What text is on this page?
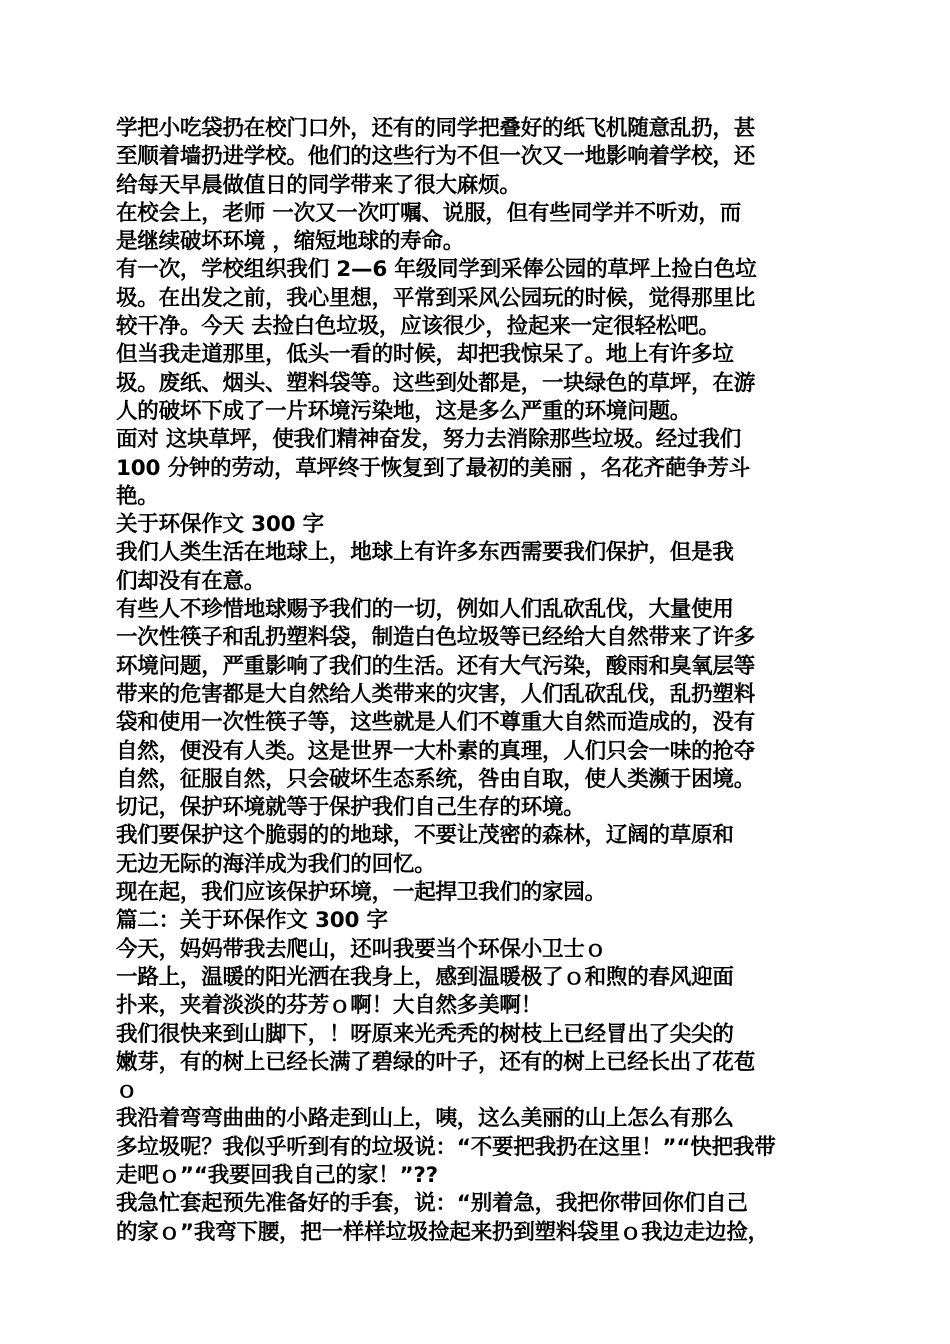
学把小吃袋扔在校门口外，还有的同学把叠好的纸飞机随意乱扔，甚
至顺着墙扔进学校。他们的这些行为不但一次又一地影响着学校，还
给每天早晨做值日的同学带来了很大麻烦。
在校会上，老师 一次又一次叮嘱、说服，但有些同学并不听劝，而
是继续破坏环境 ，缩短地球的寿命。
有一次，学校组织我们 2—6 年级同学到采俸公园的草坪上捡白色垃
圾。在出发之前，我心里想，平常到采风公园玩的时候，觉得那里比
较干净。今天 去捡白色垃圾，应该很少，捡起来一定很轻松吧。
但当我走道那里，低头一看的时候，却把我惊呆了。地上有许多垃
圾。废纸、烟头、塑料袋等。这些到处都是，一块绿色的草坪，在游
人的破坏下成了一片环境污染地，这是多么严重的环境问题。
面对 这块草坪，使我们精神奋发，努力去消除那些垃圾。经过我们
100 分钟的劳动，草坪终于恢复到了最初的美丽 ，名花齐葩争芳斗
艳。
关于环保作文 300 字
我们人类生活在地球上，地球上有许多东西需要我们保护，但是我
们却没有在意。
有些人不珍惜地球赐予我们的一切，例如人们乱砍乱伐，大量使用
一次性筷子和乱扔塑料袋，制造白色垃圾等已经给大自然带来了许多
环境问题，严重影响了我们的生活。还有大气污染，酸雨和臭氧层等
带来的危害都是大自然给人类带来的灾害，人们乱砍乱伐，乱扔塑料
袋和使用一次性筷子等，这些就是人们不尊重大自然而造成的，没有
自然，便没有人类。这是世界一大朴素的真理，人们只会一味的抢夺
自然，征服自然，只会破坏生态系统，咎由自取，使人类濒于困境。
切记，保护环境就等于保护我们自己生存的环境。
我们要保护这个脆弱的的地球，不要让茂密的森林，辽阔的草原和
无边无际的海洋成为我们的回忆。
现在起，我们应该保护环境，一起捍卫我们的家园。
篇二：关于环保作文 300 字
今天，妈妈带我去爬山，还叫我要当个环保小卫士ｏ
一路上，温暖的阳光洒在我身上，感到温暖极了ｏ和煦的春风迎面
扑来，夹着淡淡的芬芳ｏ啊！大自然多美啊！
我们很快来到山脚下，！呀原来光秃秃的树枝上已经冒出了尖尖的
嫩芽，有的树上已经长满了碧绿的叶子，还有的树上已经长出了花苞
ｏ
我沿着弯弯曲曲的小路走到山上，咦，这么美丽的山上怎么有那么
多垃圾呢？我似乎听到有的垃圾说：“不要把我扔在这里！”“快把我带
走吧ｏ”“我要回我自己的家！”??
我急忙套起预先准备好的手套，说：“别着急，我把你带回你们自己
的家ｏ”我弯下腰，把一样样垃圾捡起来扔到塑料袋里ｏ我边走边捡，
